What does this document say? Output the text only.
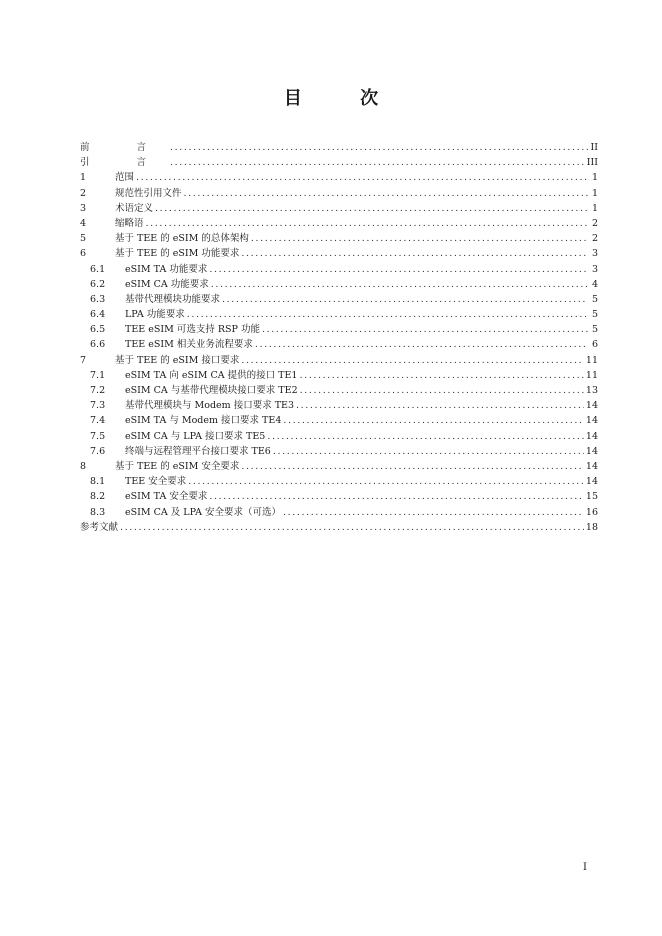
目 次
前 言 .....	II
引 言 .....	III
1	范围 .....	1
2	规范性引用文件 .....	1
3	术语定义 .....	1
4	缩略语 .....	2
5	基于 TEE 的 eSIM 的总体架构 .....	2
6	基于 TEE 的 eSIM 功能要求 .....	3
6.1	eSIM TA 功能要求 .....	3
6.2	eSIM CA 功能要求 .....	4
6.3	基带代理模块功能要求 .....	5
6.4	LPA 功能要求 .....	5
6.5	TEE eSIM 可选支持 RSP 功能 .....	5
6.6	TEE eSIM 相关业务流程要求 .....	6
7	基于 TEE 的 eSIM 接口要求 .....	11
7.1	eSIM TA 向 eSIM CA 提供的接口 TE1 .....	11
7.2	eSIM CA 与基带代理模块接口要求 TE2 .....	13
7.3	基带代理模块与 Modem 接口要求 TE3 .....	14
7.4	eSIM TA 与 Modem 接口要求 TE4 .....	14
7.5	eSIM CA 与 LPA 接口要求 TE5 .....	14
7.6	终端与远程管理平台接口要求 TE6 .....	14
8	基于 TEE 的 eSIM 安全要求 .....	14
8.1	TEE 安全要求 .....	14
8.2	eSIM TA 安全要求 .....	15
8.3	eSIM CA 及 LPA 安全要求（可选） .....	16
参考文献 .....	18
I
